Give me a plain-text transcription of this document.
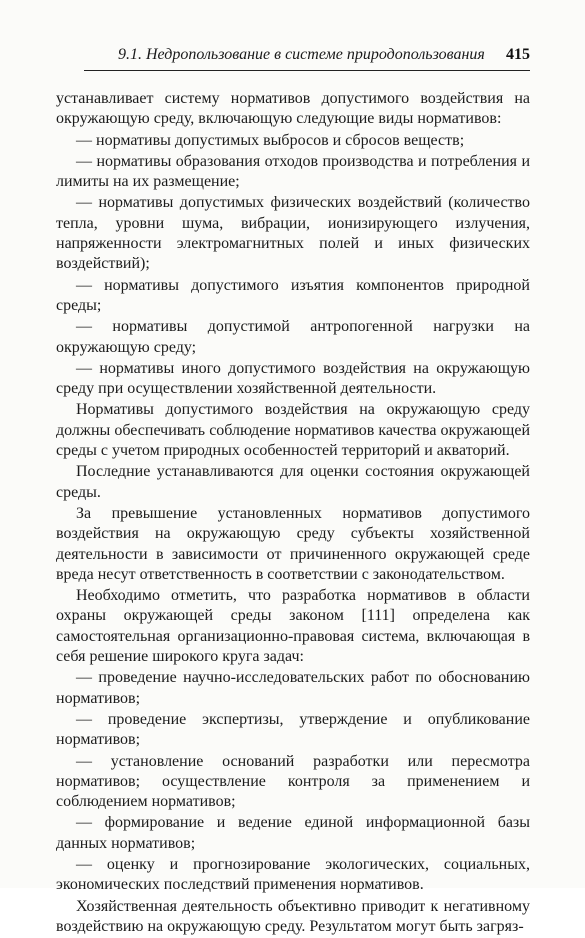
9.1. Недропользование в системе природопользования 415

устанавливает систему нормативов допустимого воздействия на окружающую среду, включающую следующие виды нормативов:

— нормативы допустимых выбросов и сбросов веществ;

— нормативы образования отходов производства и потребления и лимиты на их размещение;

— нормативы допустимых физических воздействий (количество тепла, уровни шума, вибрации, ионизирующего излучения, напряженности электромагнитных полей и иных физических воздействий);

— нормативы допустимого изъятия компонентов природной среды;

— нормативы допустимой антропогенной нагрузки на окружающую среду;

— нормативы иного допустимого воздействия на окружающую среду при осуществлении хозяйственной деятельности.

Нормативы допустимого воздействия на окружающую среду должны обеспечивать соблюдение нормативов качества окружающей среды с учетом природных особенностей территорий и акваторий.

Последние устанавливаются для оценки состояния окружающей среды.

За превышение установленных нормативов допустимого воздействия на окружающую среду субъекты хозяйственной деятельности в зависимости от причиненного окружающей среде вреда несут ответственность в соответствии с законодательством.

Необходимо отметить, что разработка нормативов в области охраны окружающей среды законом [111] определена как самостоятельная организационно-правовая система, включающая в себя решение широкого круга задач:

— проведение научно-исследовательских работ по обоснованию нормативов;

— проведение экспертизы, утверждение и опубликование нормативов;

— установление оснований разработки или пересмотра нормативов; осуществление контроля за применением и соблюдением нормативов;

— формирование и ведение единой информационной базы данных нормативов;

— оценку и прогнозирование экологических, социальных, экономических последствий применения нормативов.

Хозяйственная деятельность объективно приводит к негативному воздействию на окружающую среду. Результатом могут быть загряз-
